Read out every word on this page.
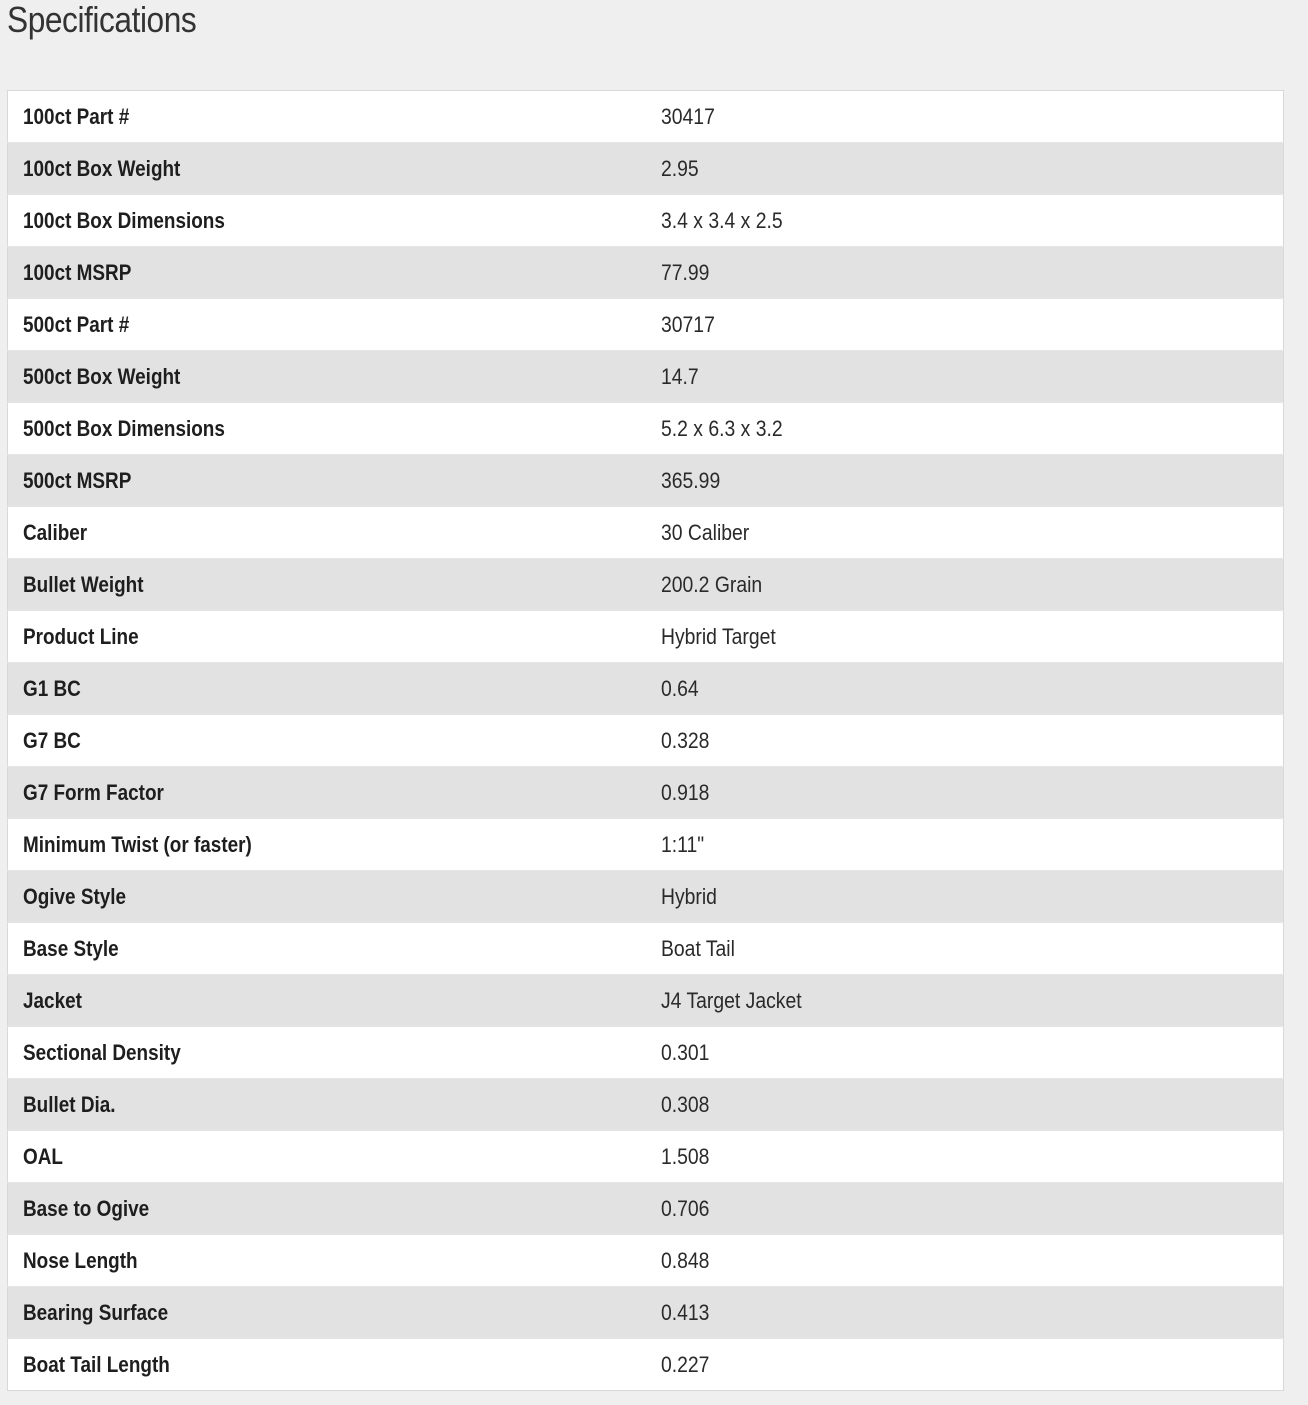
Specifications
100ct Part #	30417
100ct Box Weight	2.95
100ct Box Dimensions	3.4 x 3.4 x 2.5
100ct MSRP	77.99
500ct Part #	30717
500ct Box Weight	14.7
500ct Box Dimensions	5.2 x 6.3 x 3.2
500ct MSRP	365.99
Caliber	30 Caliber
Bullet Weight	200.2 Grain
Product Line	Hybrid Target
G1 BC	0.64
G7 BC	0.328
G7 Form Factor	0.918
Minimum Twist (or faster)	1:11"
Ogive Style	Hybrid
Base Style	Boat Tail
Jacket	J4 Target Jacket
Sectional Density	0.301
Bullet Dia.	0.308
OAL	1.508
Base to Ogive	0.706
Nose Length	0.848
Bearing Surface	0.413
Boat Tail Length	0.227
